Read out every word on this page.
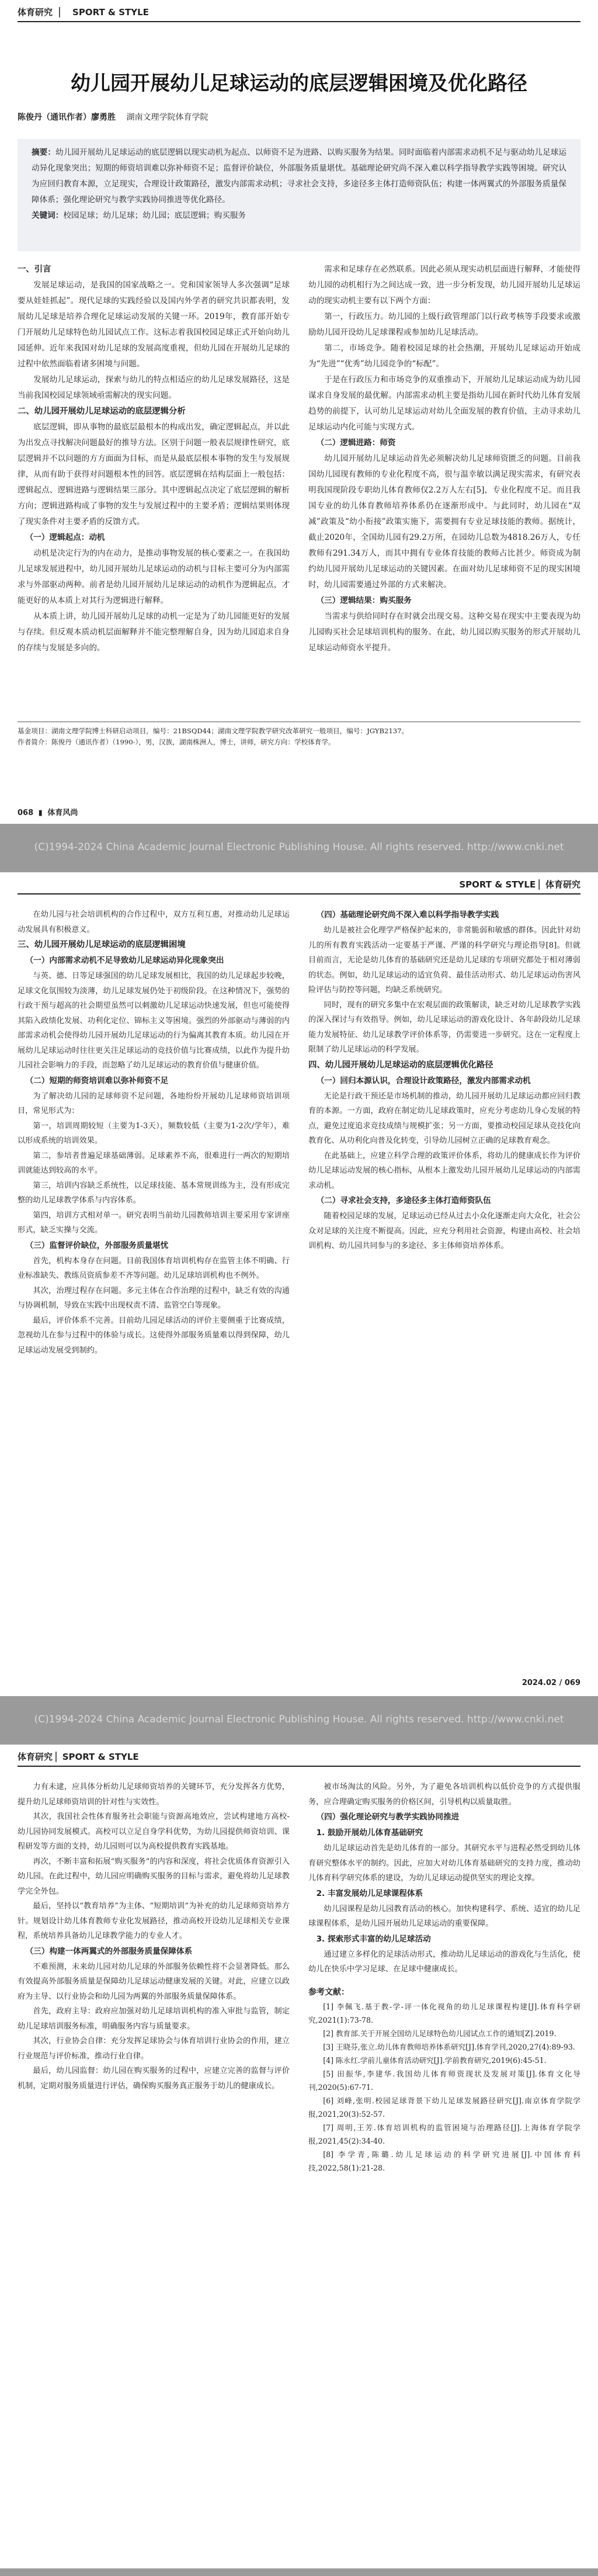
体育研究 ▏ SPORT & STYLE
幼儿园开展幼儿足球运动的底层逻辑困境及优化路径
陈俊丹（通讯作者）廖勇胜 湖南文理学院体育学院
摘要：幼儿园开展幼儿足球运动的底层逻辑以现实动机为起点、以师资不足为进路、以购买服务为结果。同时面临着内部需求动机不足与驱动幼儿足球运动异化现象突出；短期的师资培训难以弥补师资不足；监督评价缺位，外部服务质量堪忧。基础理论研究尚不深入难以科学指导教学实践等困境。研究认为应回归教育本源，立足现实，合理设计政策路径，激发内部需求动机；寻求社会支持，多途径多主体打造师资队伍；构建一体两翼式的外部服务质量保障体系；强化理论研究与教学实践协同推进等优化路径。
关键词：校园足球；幼儿足球；幼儿园；底层逻辑；购买服务
一、引言

发展足球运动，是我国的国家战略之一。党和国家领导人多次强调“足球要从娃娃抓起”。现代足球的实践经验以及国内外学者的研究共识都表明，发展幼儿足球是培养合理化足球运动发展的关键一环。2019年，教育部开始专门开展幼儿足球特色幼儿园试点工作。这标志着我国校园足球正式开始向幼儿园延伸。近年来我国对幼儿足球的发展高度重视，但幼儿园在开展幼儿足球的过程中依然面临着诸多困境与问题。

发展幼儿足球运动，探索与幼儿的特点相适应的幼儿足球发展路径，这是当前我国校园足球领域亟需解决的现实问题。

二、幼儿园开展幼儿足球运动的底层逻辑分析

底层逻辑，即从事物的最底层最根本的构成出发，确定逻辑起点，并以此为出发点寻找解决问题最好的推导方法。区别于问题一般表层规律性研究，底层逻辑并不以问题的方方面面为目标，而是从最底层根本事物的发生与发展规律，从而有助于获得对问题根本性的回答。底层逻辑在结构层面上一般包括：逻辑起点、逻辑进路与逻辑结果三部分。其中逻辑起点决定了底层逻辑的解析方向；逻辑进路构成了事物的发生与发展过程中的主要矛盾；逻辑结果则体现了现实条件对主要矛盾的反馈方式。

（一）逻辑起点：动机

动机是决定行为的内在动力，是推动事物发展的核心要素之一。在我国幼儿足球发展进程中，幼儿园开展幼儿足球运动的动机与目标主要可分为内部需求与外部驱动两种。前者是幼儿园开展幼儿足球运动的动机作为逻辑起点，才能更好的从本质上对其行为逻辑进行解释。

从本质上讲，幼儿园开展幼儿足球的动机一定是为了幼儿园能更好的发展与存续。但反观本质动机层面解释并不能完整理解自身，因为幼儿园追求自身的存续与发展是多向的。

需求和足球存在必然联系。因此必须从现实动机层面进行解释，才能使得幼儿园的动机相行为之间达成一致，进一步分析发现，幼儿园开展幼儿足球运动的现实动机主要有以下两个方面：

第一，行政压力。幼儿园的上级行政管理部门以行政考核等手段要求或激励幼儿园开设幼儿足球课程或参加幼儿足球活动。

第二，市场竞争。随着校园足球的社会热潮，开展幼儿足球运动开始成为“先进”“优秀”幼儿园竞争的“标配”。

于是在行政压力和市场竞争的双重推动下，开展幼儿足球运动成为幼儿园谋求自身发展的最优解。内部需求动机主要是指幼儿园在新时代幼儿体育发展趋势的前提下，认可幼儿足球运动对幼儿全面发展的教育价值，主动寻求幼儿足球运动内化可能与实现方式。

（二）逻辑进路：师资

幼儿园开展幼儿足球运动首先必须解决幼儿足球师资匮乏的问题。目前我国幼儿园现有教师的专业化程度不高，很与温幸敏以满足现实需求，有研究表明我国现阶段专职幼儿体育教师仅2.2万人左右[5]，专业化程度不足。而且我国专业的幼儿体育教师培养体系仍在逐渐形成中。与此同时，幼儿园在“双减”政策及“幼小衔接”政策实施下，需要拥有专业足球技能的教师。据统计，截止2020年，全国幼儿园有29.2万所，在园幼儿总数为4818.26万人，专任教师有291.34万人，而其中拥有专业体育技能的教师占比甚少。师资成为制约幼儿园开展幼儿足球运动的关键因素。在面对幼儿足球师资不足的现实困境时，幼儿园需要通过外部的方式来解决。

（三）逻辑结果：购买服务

当需求与供给同时存在时就会出现交易。这种交易在现实中主要表现为幼儿园购买社会足球培训机构的服务。在此，幼儿园以购买服务的形式开展幼儿足球运动师资水平提升。

基金项目：湖南文理学院博士科研启动项目，编号：21BSQD44；湖南文理学院教学研究改革研究一般项目，编号：JGYB2137。
作者简介：陈俊丹（通讯作者）（1990-），男，汉族，湖南株洲人，博士，讲师，研究方向：学校体育学。
068 ▮ 体育风尚
(C)1994-2024 China Academic Journal Electronic Publishing House. All rights reserved. http://www.cnki.net
SPORT & STYLE ▏体育研究

在幼儿园与社会培训机构的合作过程中，双方互利互惠，对推动幼儿足球运动发展具有积极意义。

三、幼儿园开展幼儿足球运动的底层逻辑困境
（一）内部需求动机不足导致幼儿足球运动异化现象突出

与英、德、日等足球强国的幼儿足球发展相比，我国的幼儿足球起步较晚，足球文化氛围较为淡薄，幼儿足球发展仍处于初级阶段。在这种情况下，强势的行政干预与超高的社会期望虽然可以刺激幼儿足球运动快速发展，但也可能使得其陷入政绩化发展、功利化定位、锦标主义等困境。强烈的外部驱动与薄弱的内部需求动机会使得幼儿园开展幼儿足球运动的行为偏离其教育本质。幼儿园在开展幼儿足球运动时往往更关注足球运动的竞技价值与比赛成绩，以此作为提升幼儿园社会影响力的手段，而忽略了幼儿足球运动的教育价值与健康价值。

（二）短期的师资培训难以弥补师资不足

为了解决幼儿园的足球师资不足问题，各地纷纷开展幼儿足球师资培训项目，常见形式为：

第一，培训周期较短（主要为1-3天），频数较低（主要为1-2次/学年），难以形成系统的培训效果。

第二，参培者普遍足球基础薄弱。足球素养不高，很难进行一两次的短期培训就能达到较高的水平。

第三，培训内容缺乏系统性，以足球技能、基本常规训练为主，没有形成完整的幼儿足球教学体系与内容体系。

第四，培训方式相对单一。研究表明当前幼儿园教师培训主要采用专家讲座形式，缺乏实操与交流。

（三）监督评价缺位，外部服务质量堪忧

首先，机构本身存在问题。目前我国体育培训机构存在监管主体不明确、行业标准缺失、教练员资质参差不齐等问题。幼儿足球培训机构也不例外。

其次，治理过程存在问题。多元主体在合作治理的过程中，缺乏有效的沟通与协调机制，导致在实践中出现权责不清、监管空白等现象。

最后，评价体系不完善。目前幼儿园足球活动的评价主要侧重于比赛成绩，忽视幼儿在参与过程中的体验与成长。这使得外部服务质量难以得到保障，幼儿足球运动发展受到制约。

（四）基础理论研究尚不深入难以科学指导教学实践

幼儿是被社会化理学严格保护起来的，非常脆弱和敏感的群体。因此针对幼儿的所有教育实践活动一定要基于严谨、严谨的科学研究与理论指导[8]。但就目前而言，无论是幼儿体育的基础研究还是幼儿足球的专项研究都处于相对薄弱的状态。例如，幼儿足球运动的适宜负荷、最佳活动形式、幼儿足球运动伤害风险评估与防控等问题，均缺乏系统研究。

同时，现有的研究多集中在宏观层面的政策解读，缺乏对幼儿足球教学实践的深入探讨与有效指导。例如，幼儿足球运动的游戏化设计、各年龄段幼儿足球能力发展特征、幼儿足球教学评价体系等，仍需要进一步研究。这在一定程度上限制了幼儿足球运动的科学发展。

四、幼儿园开展幼儿足球运动的底层逻辑优化路径
（一）回归本源认识，合理设计政策路径，激发内部需求动机

无论是行政干预还是市场机制的推动，幼儿园开展幼儿足球运动都应回归教育的本源。一方面，政府在制定幼儿足球政策时，应充分考虑幼儿身心发展的特点，避免过度追求竞技成绩与规模扩张；另一方面，要推动校园足球从竞技化向教育化、从功利化向普及化转变，引导幼儿园树立正确的足球教育观念。

在此基础上，应建立科学合理的政策评价体系，将幼儿的健康成长作为评价幼儿足球运动发展的核心指标，从根本上激发幼儿园开展幼儿足球运动的内部需求动机。

（二）寻求社会支持，多途径多主体打造师资队伍

随着校园足球的发展，足球运动已经从过去小众化逐渐走向大众化，社会公众对足球的关注度不断提高。因此，应充分利用社会资源，构建由高校、社会培训机构、幼儿园共同参与的多途径、多主体师资培养体系。

2024.02 / 069
(C)1994-2024 China Academic Journal Electronic Publishing House. All rights reserved. http://www.cnki.net
体育研究 ▏SPORT & STYLE

力有未逮，应具体分析幼儿足球师资培养的关键环节，充分发挥各方优势，提升幼儿足球师资培训的针对性与实效性。

其次，我国社会性体育服务社会职能与资源高地效应，尝试构建地方高校-幼儿园协同发展模式。高校可以立足自身学科优势，为幼儿园提供师资培训、课程研发等方面的支持，幼儿园则可以为高校提供教育实践基地。

再次，不断丰富和拓展“购买服务”的内容和深度，将社会优质体育资源引入幼儿园。在此过程中，幼儿园应明确购买服务的目标与需求，避免将幼儿足球教学完全外包。

最后，坚持以“教育培养”为主体、“短期培训”为补充的幼儿足球师资培养方针。规划设计幼儿体育教师专业化发展路径，推动高校开设幼儿足球相关专业课程，系统培养具备幼儿足球教学能力的专业人才。

（三）构建一体两翼式的外部服务质量保障体系

不难预测，未来幼儿园对幼儿足球的外部服务依赖性将不会显著降低。那么有效提高外部服务质量是保障幼儿足球运动健康发展的关键。对此，应建立以政府为主导、以行业协会和幼儿园为两翼的外部服务质量保障体系。

首先，政府主导：政府应加强对幼儿足球培训机构的准入审批与监管，制定幼儿足球培训服务标准，明确服务内容与质量要求。

其次，行业协会自律：充分发挥足球协会与体育培训行业协会的作用，建立行业规范与评价标准，推动行业自律。

最后，幼儿园监督：幼儿园在购买服务的过程中，应建立完善的监督与评价机制，定期对服务质量进行评估，确保购买服务真正服务于幼儿的健康成长。

被市场淘汰的风险。另外，为了避免各培训机构以低价竞争的方式提供服务，应合理确定购买服务的价格区间，引导机构以质量取胜。

（四）强化理论研究与教学实践协同推进
1. 鼓励开展幼儿体育基础研究

幼儿足球运动首先是幼儿体育的一部分。其研究水平与进程必然受到幼儿体育研究整体水平的制约。因此，应加大对幼儿体育基础研究的支持力度，推动幼儿体育科学研究体系的建设，为幼儿足球运动提供坚实的理论支撑。

2. 丰富发展幼儿足球课程体系

幼儿园课程是幼儿园教育活动的核心。加快构建科学、系统、适宜的幼儿足球课程体系，是幼儿园开展幼儿足球运动的重要保障。

3. 探索形式丰富的幼儿足球活动

通过建立多样化的足球活动形式，推动幼儿足球运动的游戏化与生活化，使幼儿在快乐中学习足球、在足球中健康成长。

参考文献：

[1] 李佩飞.基于教-学-评一体化视角的幼儿足球课程构建[J].体育科学研究,2021(1):73-78.

[2] 教育部.关于开展全国幼儿足球特色幼儿园试点工作的通知[Z].2019.

[3] 王晓芬,张立.幼儿体育教师培养体系研究[J].体育学刊,2020,27(4):89-93.

[4] 陈永红.学前儿童体育活动研究[J].学前教育研究,2019(6):45-51.

[5] 田振华,李建华.我国幼儿体育师资现状及发展对策[J].体育文化导刊,2020(5):67-71.

[6] 刘峰,张明.校园足球背景下幼儿足球发展路径研究[J].南京体育学院学报,2021,20(3):52-57.

[7] 周明,王芳.体育培训机构的监管困境与治理路径[J].上海体育学院学报,2021,45(2):34-40.

[8] 李学青,陈璐.幼儿足球运动的科学研究进展[J].中国体育科技,2022,58(1):21-28.
